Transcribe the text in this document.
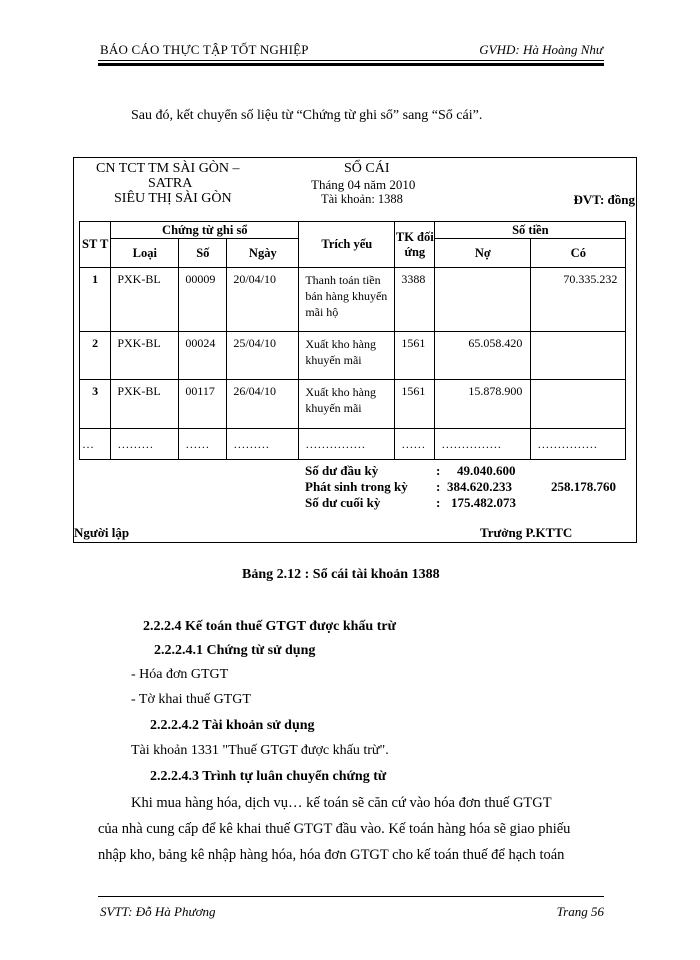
BÁO CÁO THỰC TẬP TỐT NGHIỆP	GVHD: Hà Hoàng Như
Sau đó, kết chuyển số liệu từ “Chứng từ ghi sổ” sang “Sổ cái”.
CN TCT TM SÀI GÒN –
SATRA
SIÊU THỊ SÀI GÒN
SỔ CÁI
Tháng 04 năm 2010
Tài khoản: 1388	ĐVT: đồng
ST T	Chứng từ ghi sổ			Trích yếu	TK đối ứng	Số tiền	
	Loại	Số	Ngày			Nợ	Có
1	PXK-BL	00009	20/04/10	Thanh toán tiền bán hàng khuyến mãi hộ	3388		70.335.232
2	PXK-BL	00024	25/04/10	Xuất kho hàng khuyến mãi	1561	65.058.420	
3	PXK-BL	00117	26/04/10	Xuất kho hàng khuyến mãi	1561	15.878.900	
…	………	……	………	……………	……	……………	……………
Số dư đầu kỳ	: 49.040.600
Phát sinh trong kỳ : 384.620.233	258.178.760
Số dư cuối kỳ	: 175.482.073
Người lập	Trưởng P.KTTC
Bảng 2.12 : Sổ cái tài khoản 1388
2.2.2.4 Kế toán thuế GTGT được khấu trừ
2.2.2.4.1 Chứng từ sử dụng
- Hóa đơn GTGT
- Tờ khai thuế GTGT
2.2.2.4.2 Tài khoản sử dụng
Tài khoản 1331 "Thuế GTGT được khấu trừ".
2.2.2.4.3 Trình tự luân chuyển chứng từ
Khi mua hàng hóa, dịch vụ… kế toán sẽ căn cứ vào hóa đơn thuế GTGT
của nhà cung cấp để kê khai thuế GTGT đầu vào. Kế toán hàng hóa sẽ giao phiếu
nhập kho, bảng kê nhập hàng hóa, hóa đơn GTGT cho kế toán thuế để hạch toán
SVTT: Đỗ Hà Phương	Trang 56
